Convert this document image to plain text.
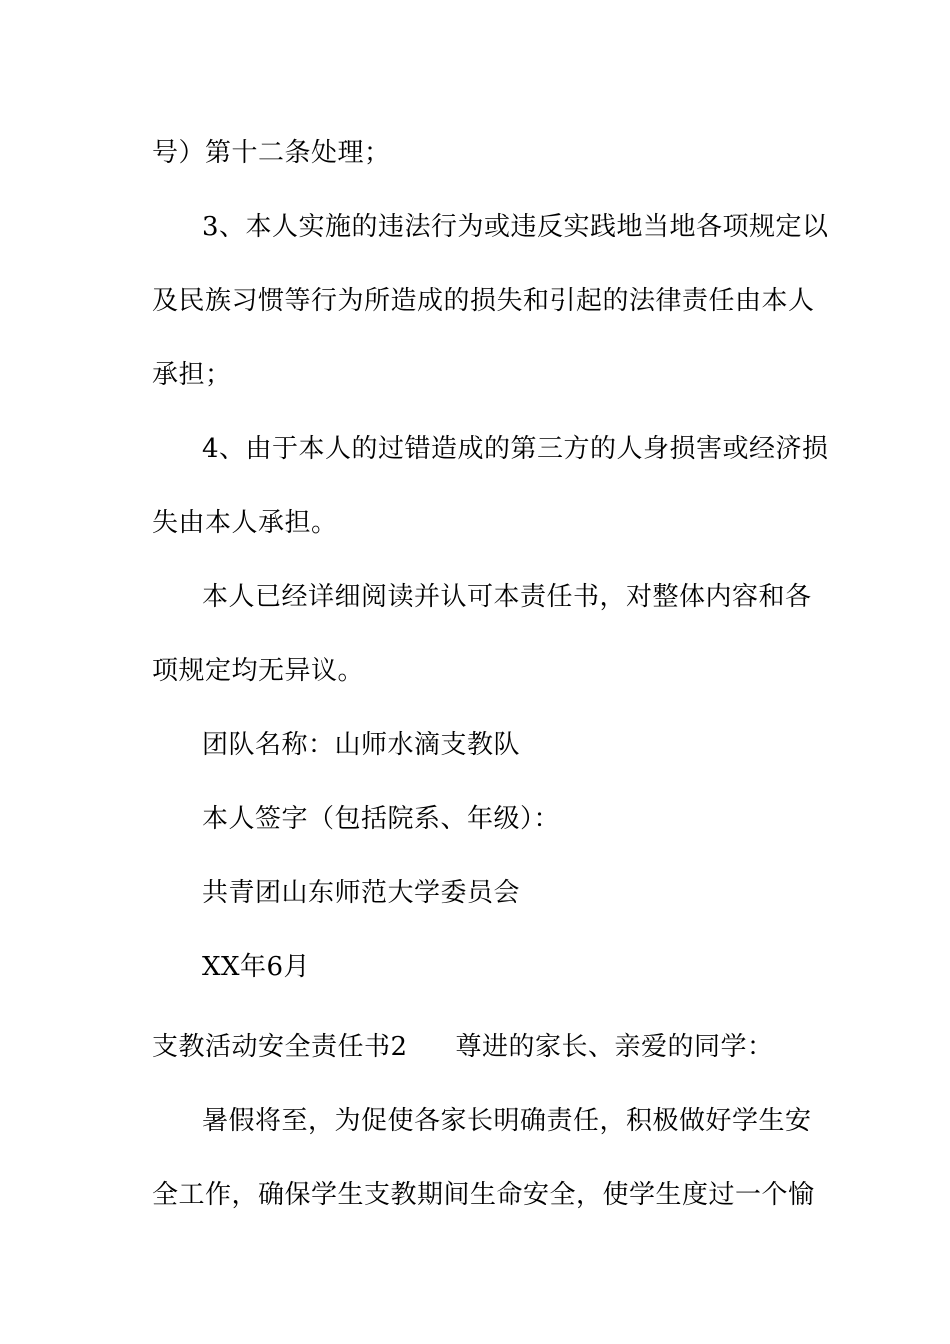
号）第十二条处理；
3、本人实施的违法行为或违反实践地当地各项规定以
及民族习惯等行为所造成的损失和引起的法律责任由本人
承担；
4、由于本人的过错造成的第三方的人身损害或经济损
失由本人承担。
本人已经详细阅读并认可本责任书，对整体内容和各
项规定均无异议。
团队名称：山师水滴支教队
本人签字（包括院系、年级）：
共青团山东师范大学委员会
XX年6月
支教活动安全责任书2 尊进的家长、亲爱的同学：
暑假将至，为促使各家长明确责任，积极做好学生安
全工作，确保学生支教期间生命安全，使学生度过一个愉
